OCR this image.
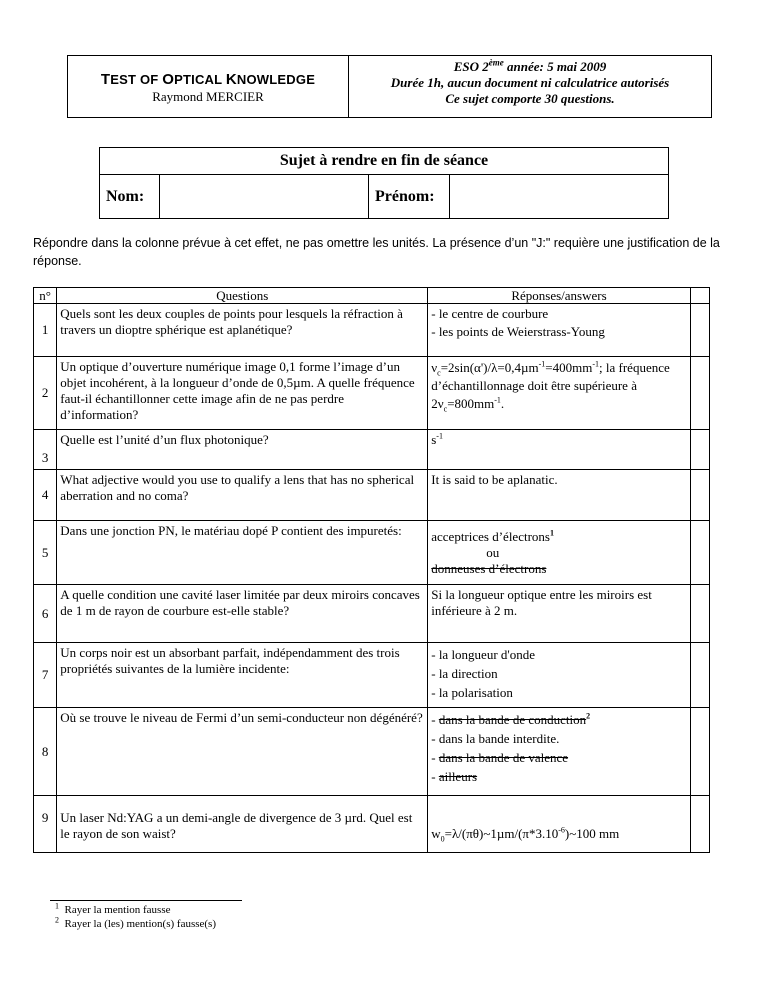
TEST OF OPTICAL KNOWLEDGE
Raymond MERCIER
ESO 2ème année: 5 mai 2009
Durée 1h, aucun document ni calculatrice autorisés
Ce sujet comporte 30 questions.
Sujet à rendre en fin de séance
Nom:		Prénom:	
Répondre dans la colonne prévue à cet effet, ne pas omettre les unités. La présence d’un "J:" requière une justification de la réponse.
n°	Questions	Réponses/answers	
1	Quels sont les deux couples de points pour lesquels la réfraction à travers un dioptre sphérique est aplanétique?	- le centre de courbure
- les points de Weierstrass-Young	

2	Un optique d’ouverture numérique image 0,1 forme l’image d’un objet incohérent, à la longueur d’onde de 0,5µm. A quelle fréquence faut-il échantillonner cette image afin de ne pas perdre d’information?	$\nu_c=2\sin(\alpha')/\lambda=0,4\mu m^{-1}=400mm^{-1}$; la fréquence d’échantillonnage doit être supérieure à $2\nu_c=800mm^{-1}$.	
3	Quelle est l’unité d’un flux photonique?	$s^{-1}$	
4	What adjective would you use to qualify a lens that has no spherical aberration and no coma?	It is said to be aplanatic.	
5	Dans une jonction PN, le matériau dopé P contient des impuretés:	acceptrices d’électrons$^1$
ou
donneuses d’électrons	

6	A quelle condition une cavité laser limitée par deux miroirs concaves de 1 m de rayon de courbure est-elle stable?	Si la longueur optique entre les miroirs est inférieure à 2 m.	
7	Un corps noir est un absorbant parfait, indépendamment des trois propriétés suivantes de la lumière incidente:	- la longueur d'onde
- la direction
- la polarisation	

8	Où se trouve le niveau de Fermi d’un semi-conducteur non dégénéré?	- dans la bande de conduction$^2$
- dans la bande interdite.
- dans la bande de valence
- ailleurs	

9	Un laser Nd:YAG a un demi-angle de divergence de 3 µrd. Quel est le rayon de son waist?	$w_0=\lambda/(\pi\theta)\sim 1\mu m/(\pi*3.10^{-6})\sim 100$ mm	
$^1$ Rayer la mention fausse
$^2$ Rayer la (les) mention(s) fausse(s)
